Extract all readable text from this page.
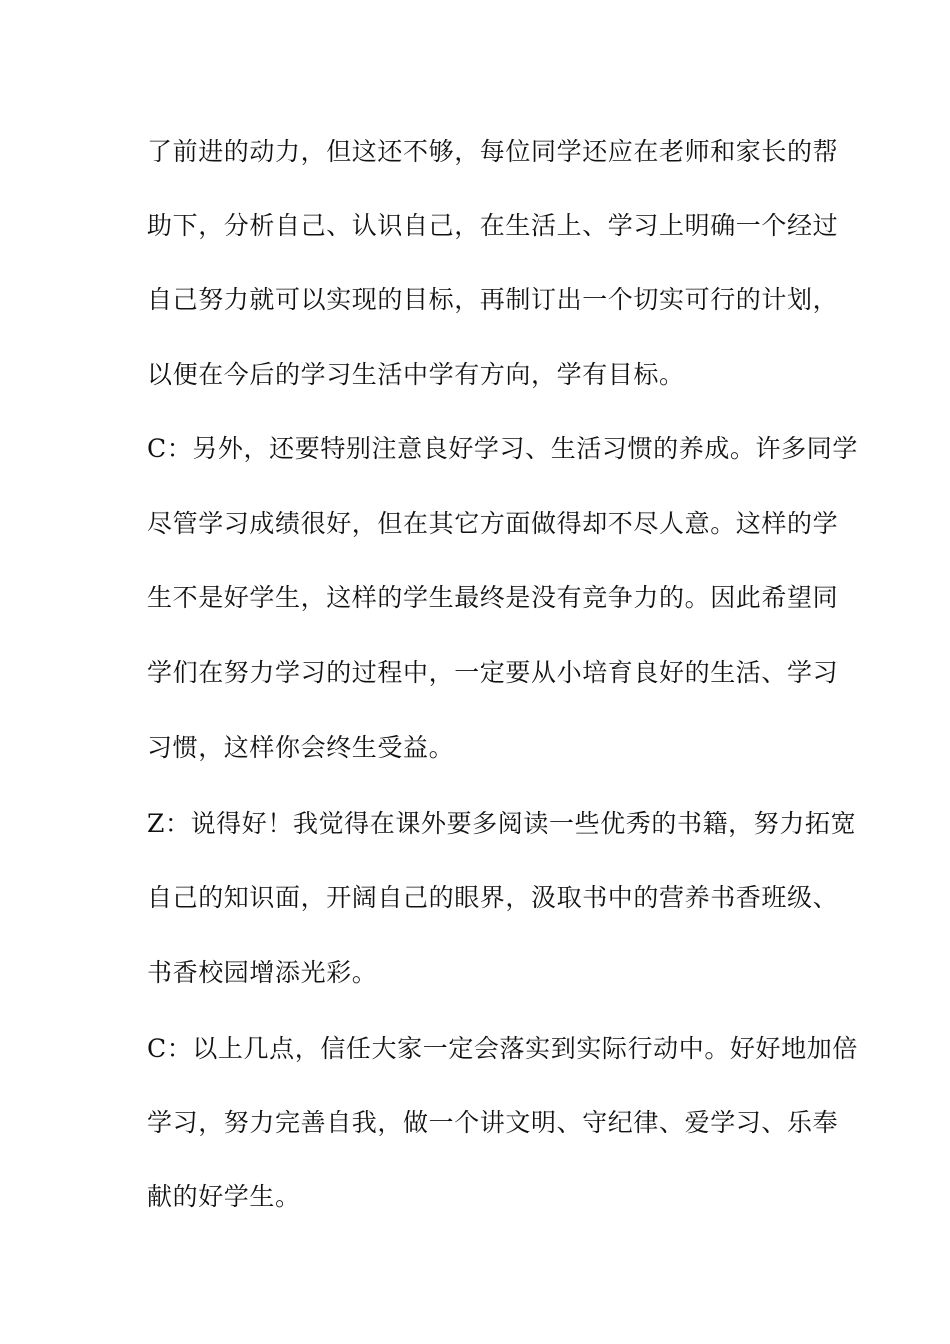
了前进的动力，但这还不够，每位同学还应在老师和家长的帮
助下，分析自己、认识自己，在生活上、学习上明确一个经过
自己努力就可以实现的目标，再制订出一个切实可行的计划，
以便在今后的学习生活中学有方向，学有目标。
C：另外，还要特别注意良好学习、生活习惯的养成。许多同学
尽管学习成绩很好，但在其它方面做得却不尽人意。这样的学
生不是好学生，这样的学生最终是没有竞争力的。因此希望同
学们在努力学习的过程中，一定要从小培育良好的生活、学习
习惯，这样你会终生受益。
Z：说得好！我觉得在课外要多阅读一些优秀的书籍，努力拓宽
自己的知识面，开阔自己的眼界，汲取书中的营养书香班级、
书香校园增添光彩。
C：以上几点，信任大家一定会落实到实际行动中。好好地加倍
学习，努力完善自我，做一个讲文明、守纪律、爱学习、乐奉
献的好学生。
